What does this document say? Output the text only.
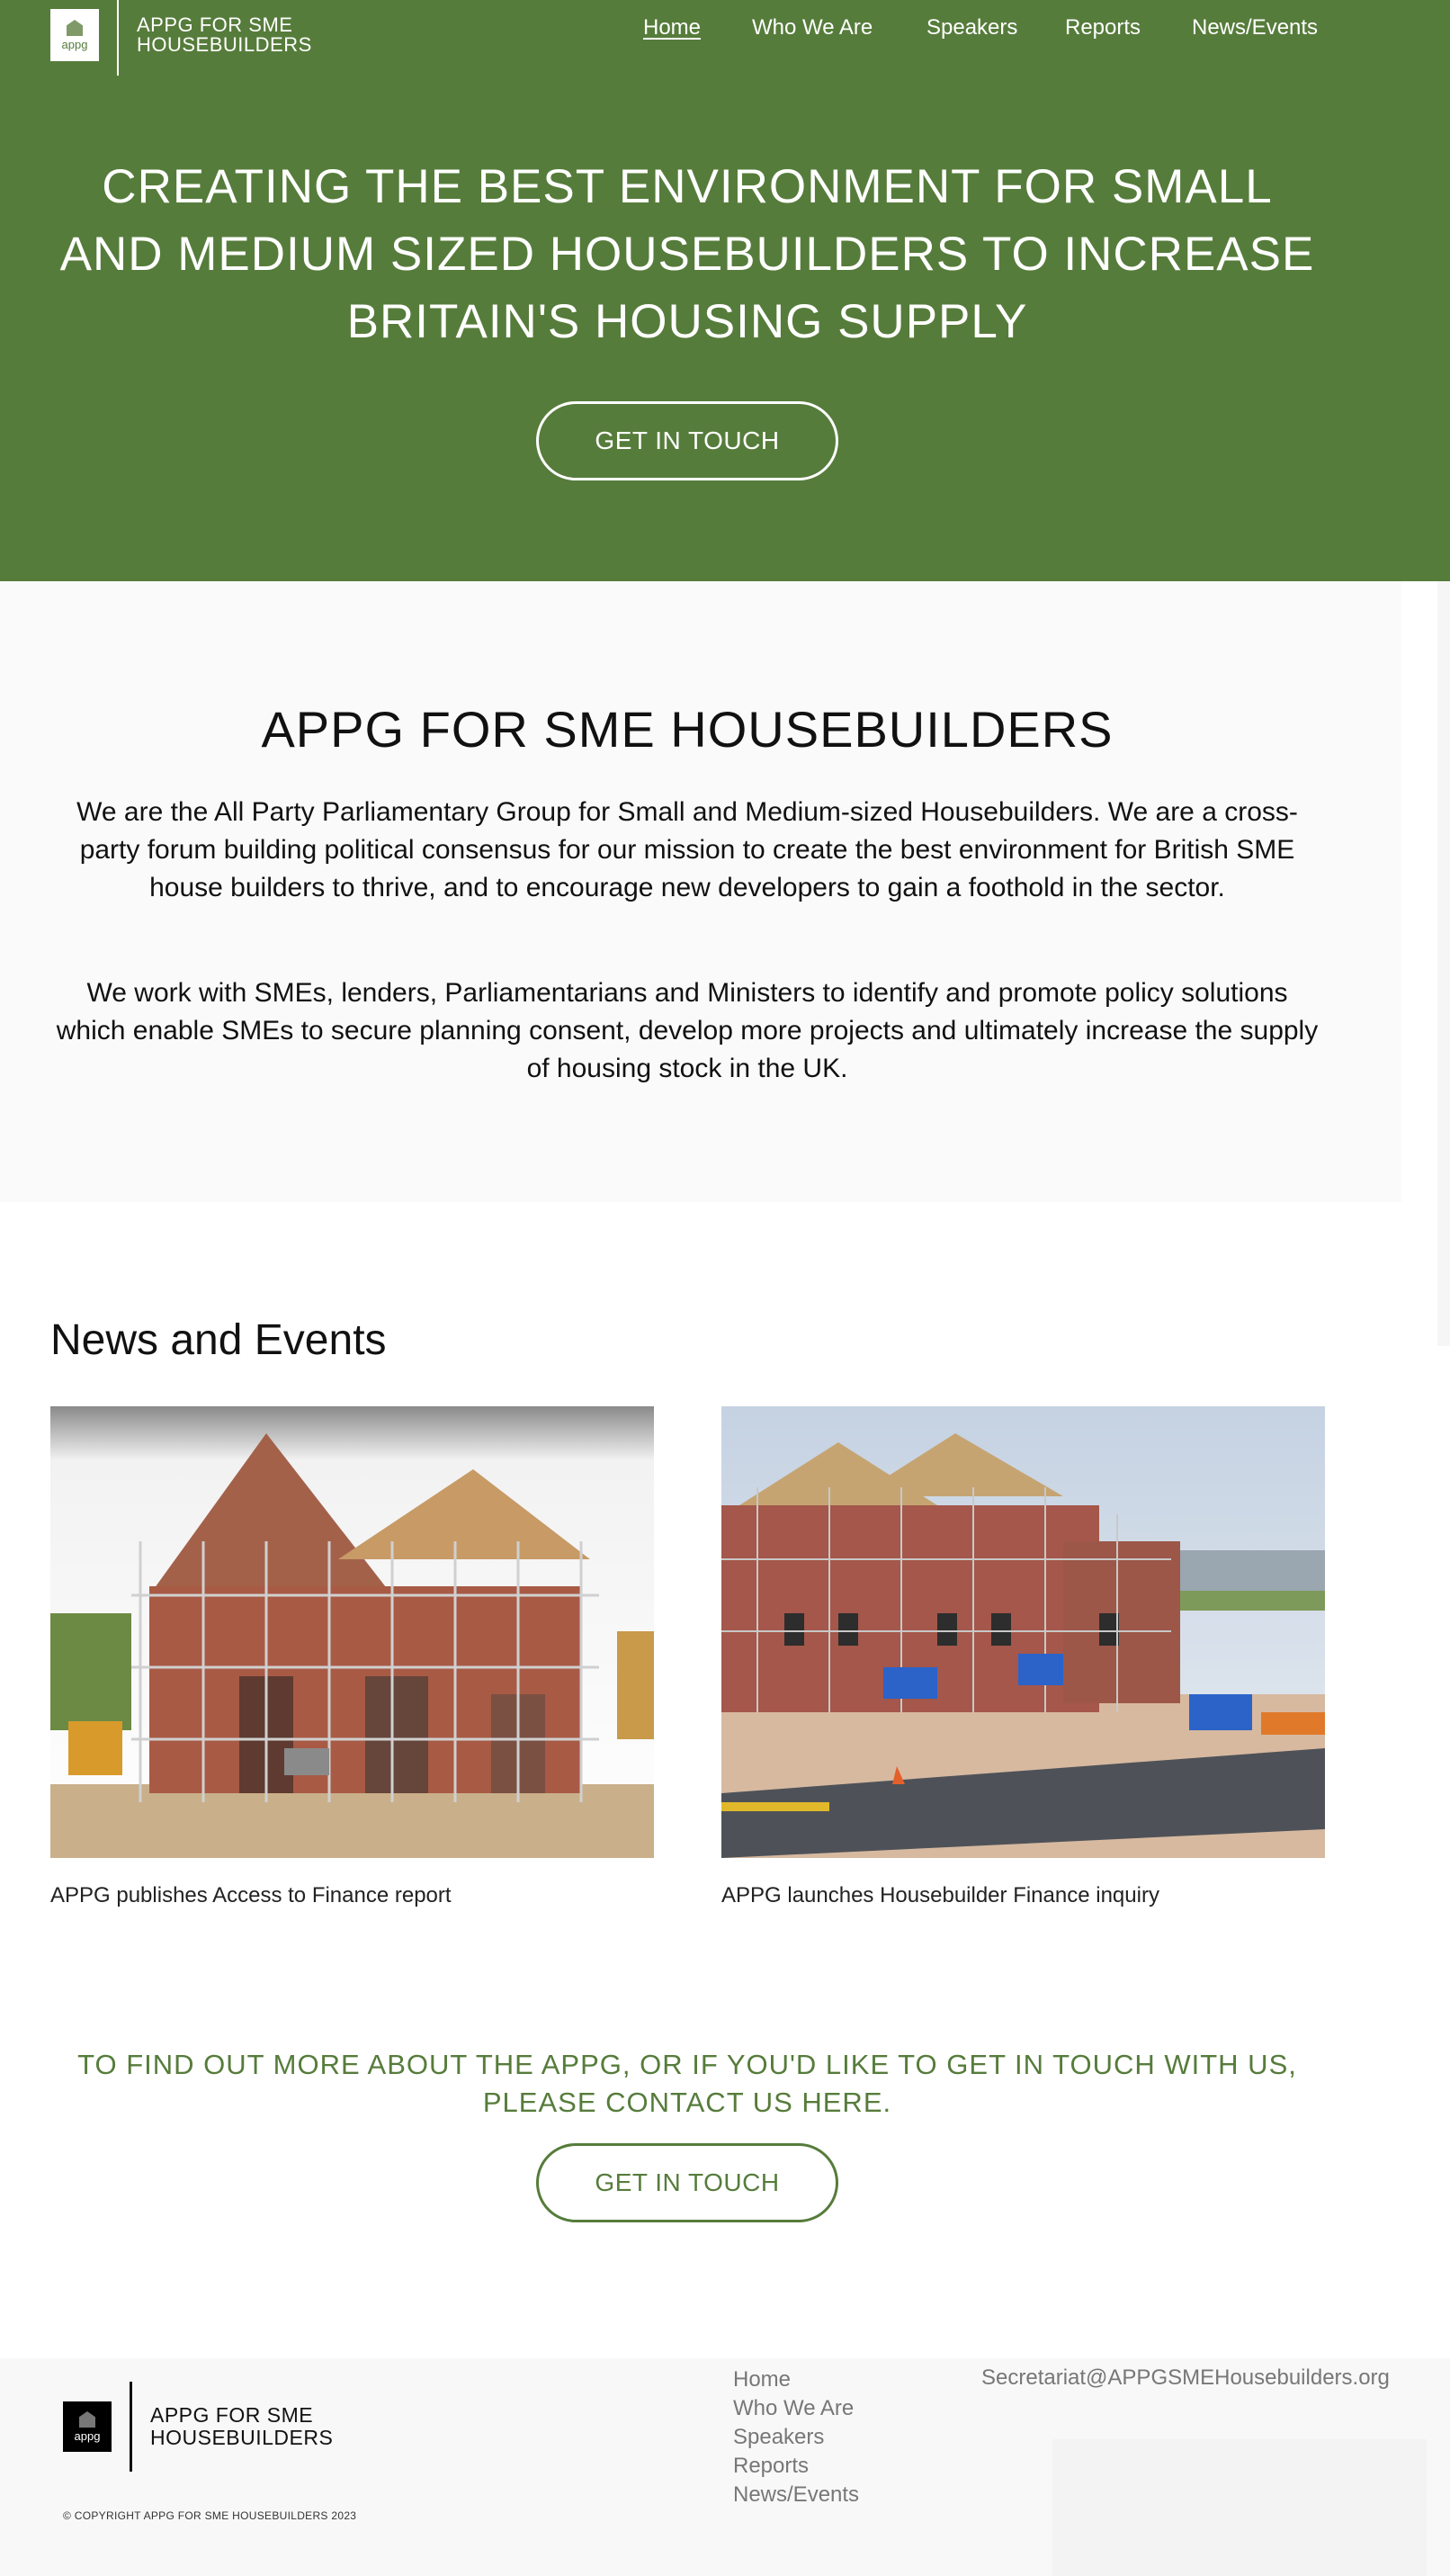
appg
APPG FOR SME
HOUSEBUILDERS
Home Who We Are Speakers Reports News/Events
CREATING THE BEST ENVIRONMENT FOR SMALL AND MEDIUM SIZED HOUSEBUILDERS TO INCREASE BRITAIN'S HOUSING SUPPLY
GET IN TOUCH
APPG FOR SME HOUSEBUILDERS

We are the All Party Parliamentary Group for Small and Medium-sized Housebuilders. We are a cross-party forum building political consensus for our mission to create the best environment for British SME house builders to thrive, and to encourage new developers to gain a foothold in the sector.

We work with SMEs, lenders, Parliamentarians and Ministers to identify and promote policy solutions which enable SMEs to secure planning consent, develop more projects and ultimately increase the supply of housing stock in the UK.

News and Events
APPG publishes Access to Finance report	APPG launches Housebuilder Finance inquiry

TO FIND OUT MORE ABOUT THE APPG, OR IF YOU'D LIKE TO GET IN TOUCH WITH US, PLEASE CONTACT US HERE.

GET IN TOUCH
appg
APPG FOR SME
HOUSEBUILDERS
Home
Who We Are
Speakers
Reports
News/Events
Secretariat@APPGSMEHousebuilders.org
© COPYRIGHT APPG FOR SME HOUSEBUILDERS 2023
